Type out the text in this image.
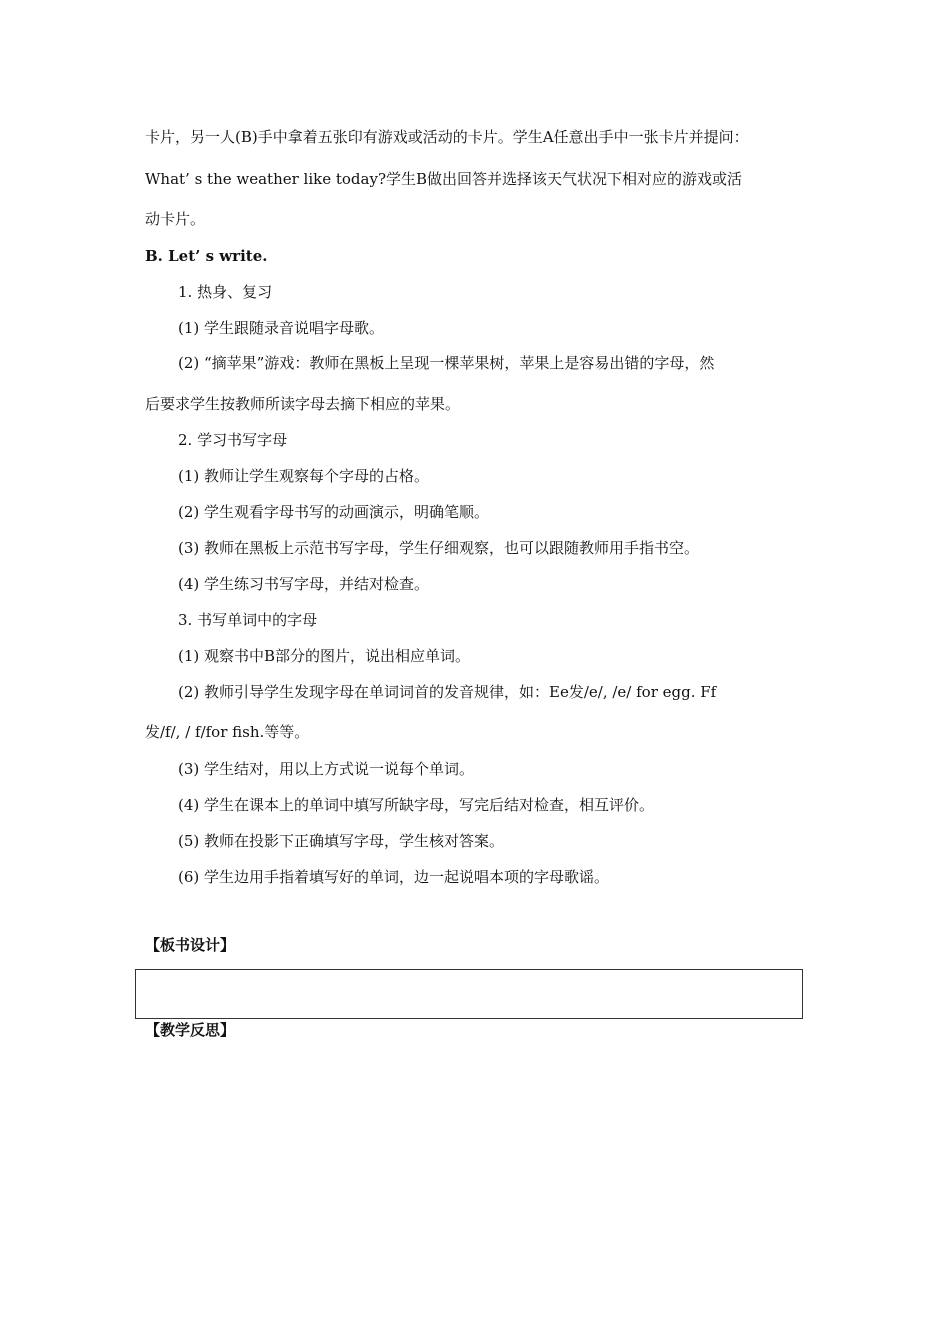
卡片，另一人(B)手中拿着五张印有游戏或活动的卡片。学生A任意出手中一张卡片并提问：
What’ s the weather like today?学生B做出回答并选择该天气状况下相对应的游戏或活
动卡片。
B. Let’ s write.
1. 热身、复习
(1) 学生跟随录音说唱字母歌。
(2) “摘苹果”游戏：教师在黑板上呈现一棵苹果树，苹果上是容易出错的字母，然
后要求学生按教师所读字母去摘下相应的苹果。
2. 学习书写字母
(1) 教师让学生观察每个字母的占格。
(2) 学生观看字母书写的动画演示，明确笔顺。
(3) 教师在黑板上示范书写字母，学生仔细观察，也可以跟随教师用手指书空。
(4) 学生练习书写字母，并结对检查。
3. 书写单词中的字母
(1) 观察书中B部分的图片，说出相应单词。
(2) 教师引导学生发现字母在单词词首的发音规律，如：Ee发/e/, /e/ for egg. Ff
发/f/, / f/for fish.等等。
(3) 学生结对，用以上方式说一说每个单词。
(4) 学生在课本上的单词中填写所缺字母，写完后结对检查，相互评价。
(5) 教师在投影下正确填写字母，学生核对答案。
(6) 学生边用手指着填写好的单词，边一起说唱本项的字母歌谣。
【板书设计】
【教学反思】
